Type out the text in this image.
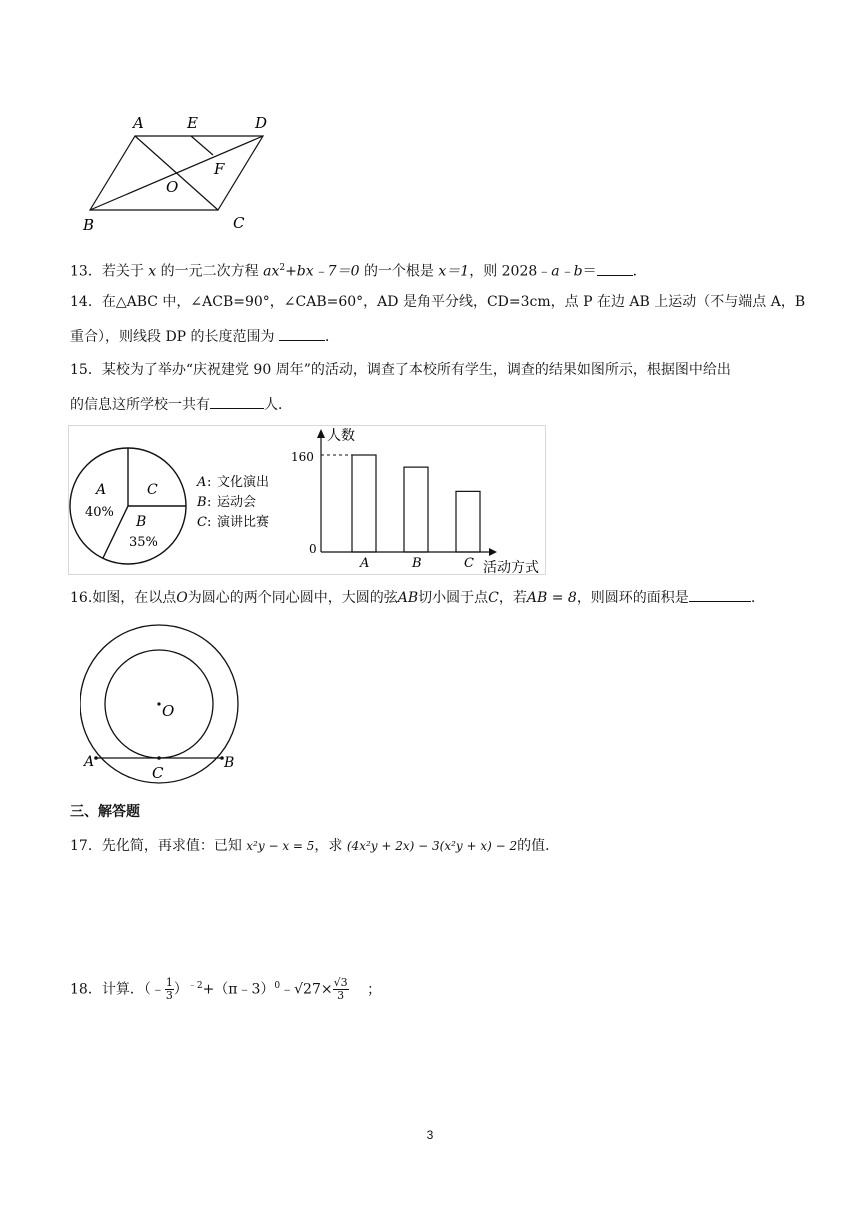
A	E	D
F
O
B	C
13．若关于 x 的一元二次方程 $ax^2+bx﹣7=0$ 的一个根是 x＝1，则 2028﹣a﹣b＝	．
14．在△ABC 中，∠ACB=90°，∠CAB=60°，AD 是角平分线，CD=3cm，点 P 在边 AB 上运动（不与端点 A，B
重合），则线段 DP 的长度范围为	．
15．某校为了举办“庆祝建党 90 周年”的活动，调查了本校所有学生，调查的结果如图所示，根据图中给出
的信息这所学校一共有	人．
A
40%
C
B
35%
A : 文化演出
B : 运动会
C : 演讲比赛
人数
活动方式
0
160
A	B	C
16.如图，在以点O为圆心的两个同心圆中，大圆的弦AB切小圆于点C，若AB = 8，则圆环的面积是	.
O
A	B
C
三、解答题
17．先化简，再求值：已知 x²y − x = 5，求 (4x²y + 2x) − 3(x²y + x) − 2的值．
18．计算．（﹣ $\frac{1}{3}$ ）$^{﹣2}$+（π﹣3）$^0$﹣√27× $\frac{√3}{3}$ ；
3
